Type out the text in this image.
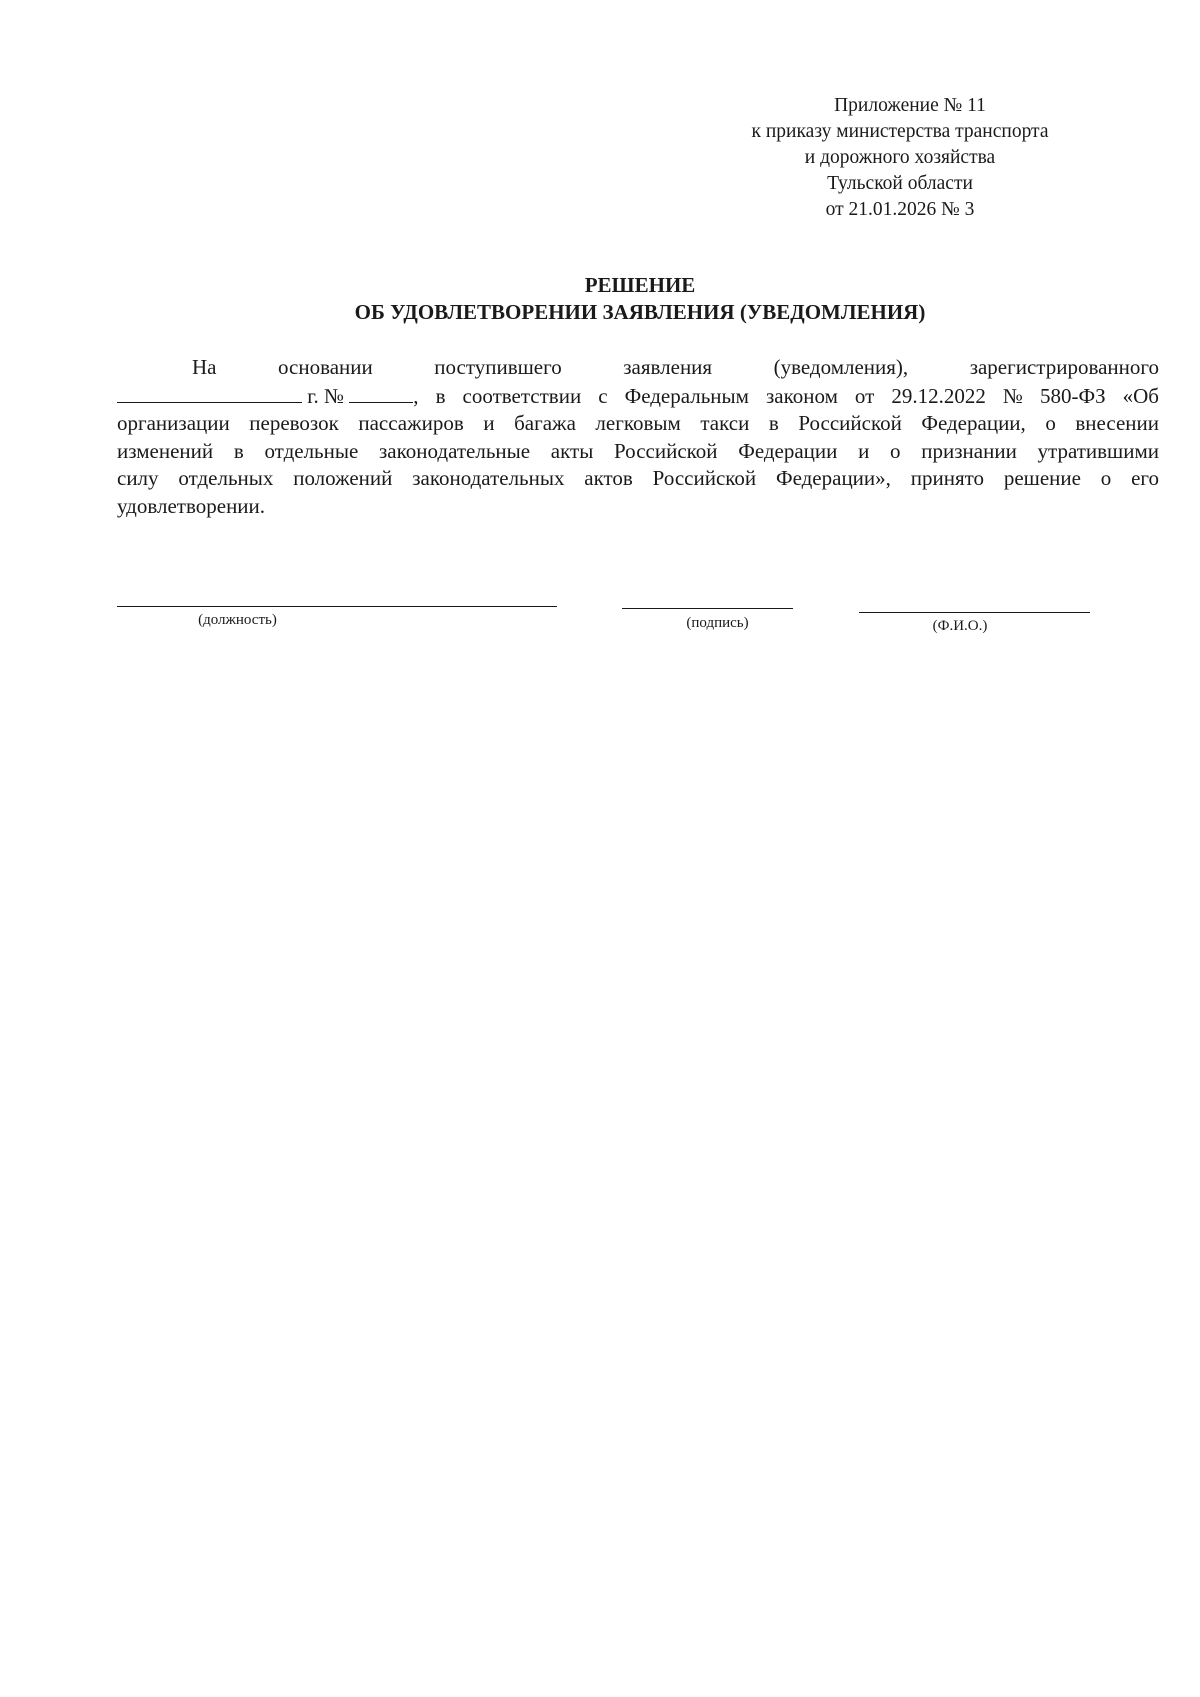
Приложение № 11
к приказу министерства транспорта
и дорожного хозяйства
Тульской области
от 21.01.2026 № 3
РЕШЕНИЕ
ОБ УДОВЛЕТВОРЕНИИ ЗАЯВЛЕНИЯ (УВЕДОМЛЕНИЯ)
На	основании	поступившего	заявления	(уведомления),	зарегистрированного
г. №	, в соответствии с Федеральным законом от 29.12.2022 № 580-ФЗ «Об
организации перевозок пассажиров и багажа легковым такси в Российской Федерации, о внесении
изменений в отдельные законодательные акты Российской Федерации и о признании утратившими
силу отдельных положений законодательных актов Российской Федерации», принято решение о его
удовлетворении.
(должность)	(подпись)	(Ф.И.О.)
